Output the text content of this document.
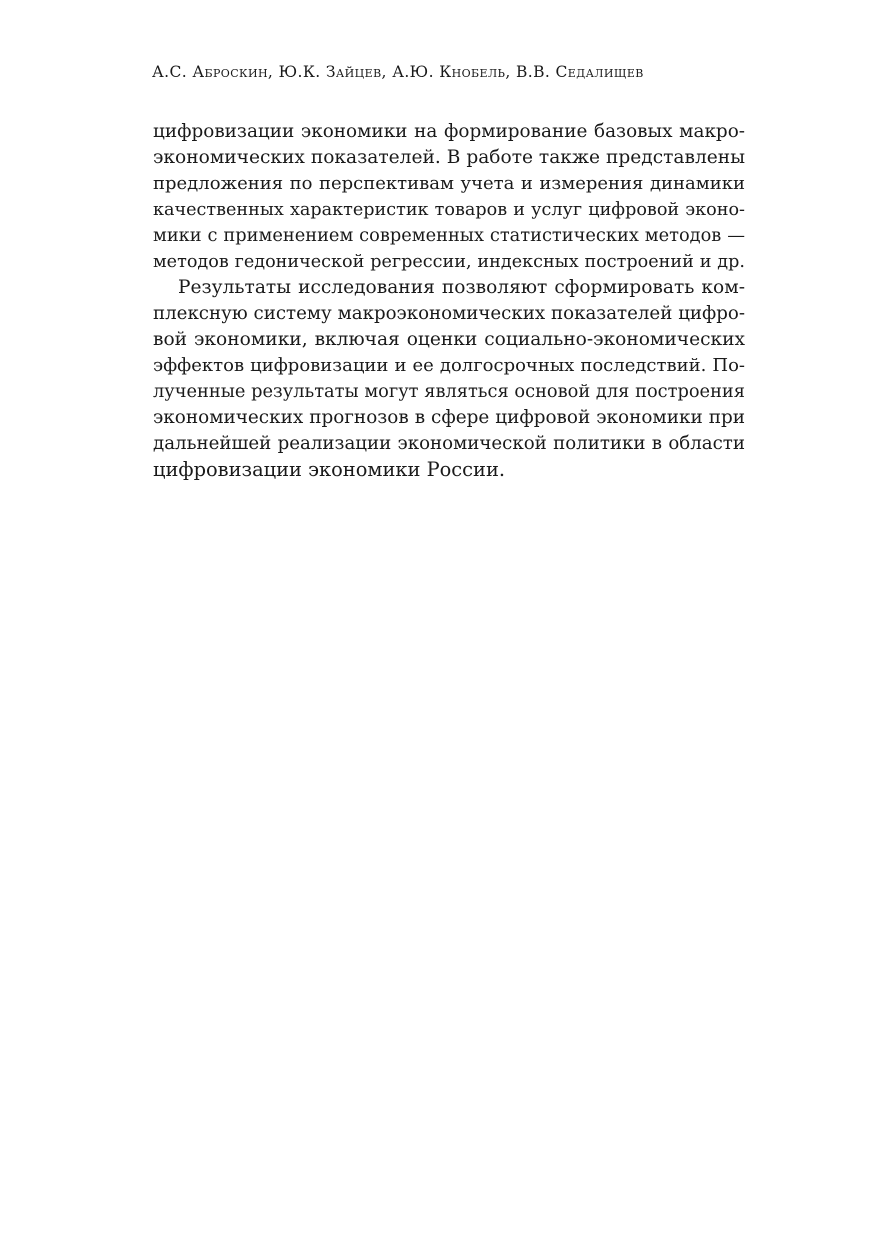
А.С. Аброскин, Ю.К. Зайцев, А.Ю. Кнобель, В.В. Седалищев
цифровизации экономики на формирование базовых макро-
экономических показателей. В работе также представлены
предложения по перспективам учета и измерения динамики
качественных характеристик товаров и услуг цифровой эконо-
мики с применением современных статистических методов —
методов гедонической регрессии, индексных построений и др.
Результаты исследования позволяют сформировать ком-
плексную систему макроэкономических показателей цифро-
вой экономики, включая оценки социально-экономических
эффектов цифровизации и ее долгосрочных последствий. По-
лученные результаты могут являться основой для построения
экономических прогнозов в сфере цифровой экономики при
дальнейшей реализации экономической политики в области
цифровизации экономики России.
